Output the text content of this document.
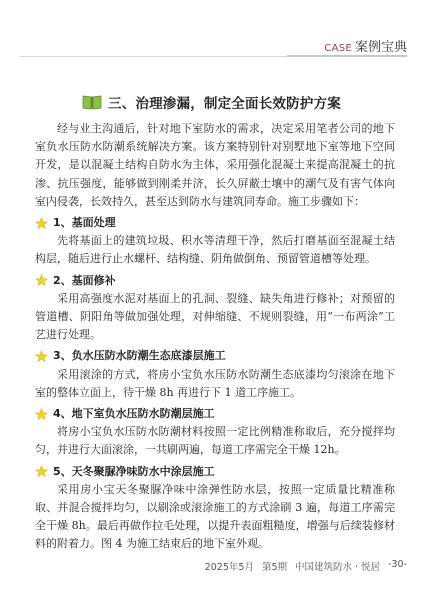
CASE 案例宝典
三、治理渗漏，制定全面长效防护方案

经与业主沟通后，针对地下室防水的需求，决定采用笔者公司的地下室负水压防水防潮系统解决方案。该方案特别针对别墅地下室等地下空间开发，是以混凝土结构自防水为主体，采用强化混凝土来提高混凝土的抗渗、抗压强度，能够做到刚柔并济，长久屏蔽土壤中的潮气及有害气体向室内侵袭，长效持久，甚至达到防水与建筑同寿命。施工步骤如下：

1、基面处理

先将基面上的建筑垃圾、积水等清理干净，然后打磨基面至混凝土结构层，随后进行止水螺杆、结构缝、阴角做倒角、预留管道槽等处理。

2、基面修补

采用高强度水泥对基面上的孔洞、裂缝、缺失角进行修补；对预留的管道槽、阴阳角等做加强处理，对伸缩缝、不规则裂缝，用“一布两涂”工艺进行处理。

3、负水压防水防潮生态底漆层施工

采用滚涂的方式，将房小宝负水压防水防潮生态底漆均匀滚涂在地下室的整体立面上，待干燥 8h 再进行下 1 道工序施工。

4、地下室负水压防水防潮层施工

将房小宝负水压防水防潮材料按照一定比例精准称取后，充分搅拌均匀，并进行大面滚涂，一共刷两遍，每道工序需完全干燥 12h。

5、天冬聚脲净味防水中涂层施工

采用房小宝天冬聚脲净味中涂弹性防水层，按照一定质量比精准称取、并混合搅拌均匀，以刷涂或滚涂施工的方式涂刷 3 遍，每道工序需完全干燥 8h。最后再做作拉毛处理，以提升表面粗糙度，增强与后续装修材料的附着力。图 4 为施工结束后的地下室外观。

2025年5月 第5期 中国建筑防水 · 悦居 -30-
